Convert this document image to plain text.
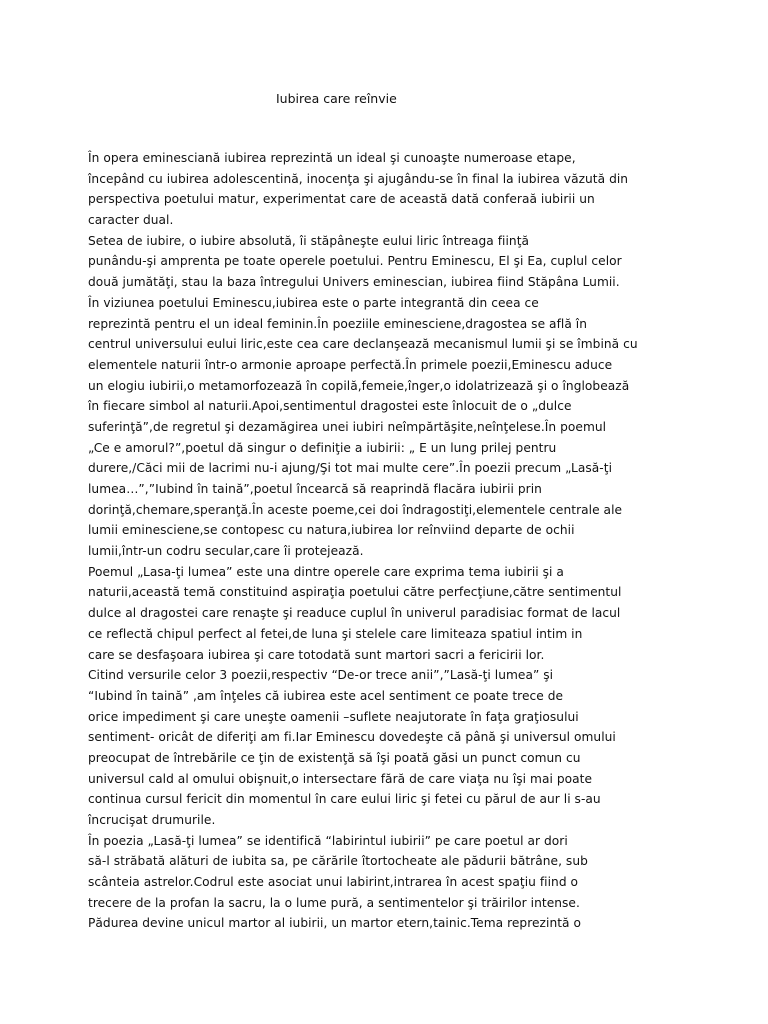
Iubirea care reînvie
În opera eminesciană iubirea reprezintă un ideal şi cunoaşte numeroase etape,
începând cu iubirea adolescentină, inocenţa şi ajugându-se în final la iubirea văzută din
perspectiva poetului matur, experimentat care de această dată conferaă iubirii un
caracter dual.
Setea de iubire, o iubire absolută, îi stăpâneşte eului liric întreaga fiinţă
punându-şi amprenta pe toate operele poetului. Pentru Eminescu, El şi Ea, cuplul celor
două jumătăţi, stau la baza întregului Univers eminescian, iubirea fiind Stăpâna Lumii.
În viziunea poetului Eminescu,iubirea este o parte integrantă din ceea ce
reprezintă pentru el un ideal feminin.În poeziile eminesciene,dragostea se află în
centrul universului eului liric,este cea care declanşează mecanismul lumii şi se îmbină cu
elementele naturii într-o armonie aproape perfectă.În primele poezii,Eminescu aduce
un elogiu iubirii,o metamorfozează în copilă,femeie,înger,o idolatrizează şi o înglobează
în fiecare simbol al naturii.Apoi,sentimentul dragostei este înlocuit de o „dulce
suferinţă”,de regretul şi dezamăgirea unei iubiri neîmpărtăşite,neînţelese.În poemul
„Ce e amorul?”,poetul dă singur o definiţie a iubirii: „ E un lung prilej pentru
durere,/Căci mii de lacrimi nu-i ajung/Şi tot mai multe cere”.În poezii precum „Lasă-ţi
lumea…”,”Iubind în taină”,poetul încearcă să reaprindă flacăra iubirii prin
dorinţă,chemare,speranţă.În aceste poeme,cei doi îndragostiţi,elementele centrale ale
lumii eminesciene,se contopesc cu natura,iubirea lor reînviind departe de ochii
lumii,într-un codru secular,care îi protejează.
Poemul „Lasa-ţi lumea” este una dintre operele care exprima tema iubirii şi a
naturii,această temă constituind aspiraţia poetului către perfecţiune,către sentimentul
dulce al dragostei care renaşte şi readuce cuplul în univerul paradisiac format de lacul
ce reflectă chipul perfect al fetei,de luna şi stelele care limiteaza spatiul intim in
care se desfaşoara iubirea şi care totodată sunt martori sacri a fericirii lor.
Citind versurile celor 3 poezii,respectiv “De-or trece anii”,”Lasă-ţi lumea” şi
“Iubind în taină” ,am înţeles că iubirea este acel sentiment ce poate trece de
orice impediment şi care uneşte oamenii –suflete neajutorate în faţa graţiosului
sentiment- oricât de diferiţi am fi.Iar Eminescu dovedeşte că până şi universul omului
preocupat de întrebările ce ţin de existenţă să îşi poată găsi un punct comun cu
universul cald al omului obişnuit,o intersectare fără de care viaţa nu îşi mai poate
continua cursul fericit din momentul în care eului liric şi fetei cu părul de aur li s-au
încrucişat drumurile.
În poezia „Lasă-ţi lumea” se identifică “labirintul iubirii” pe care poetul ar dori
să-l străbată alături de iubita sa, pe cărările îtortocheate ale pădurii bătrâne, sub
scânteia astrelor.Codrul este asociat unui labirint,intrarea în acest spaţiu fiind o
trecere de la profan la sacru, la o lume pură, a sentimentelor şi trăirilor intense.
Pădurea devine unicul martor al iubirii, un martor etern,tainic.Tema reprezintă o
